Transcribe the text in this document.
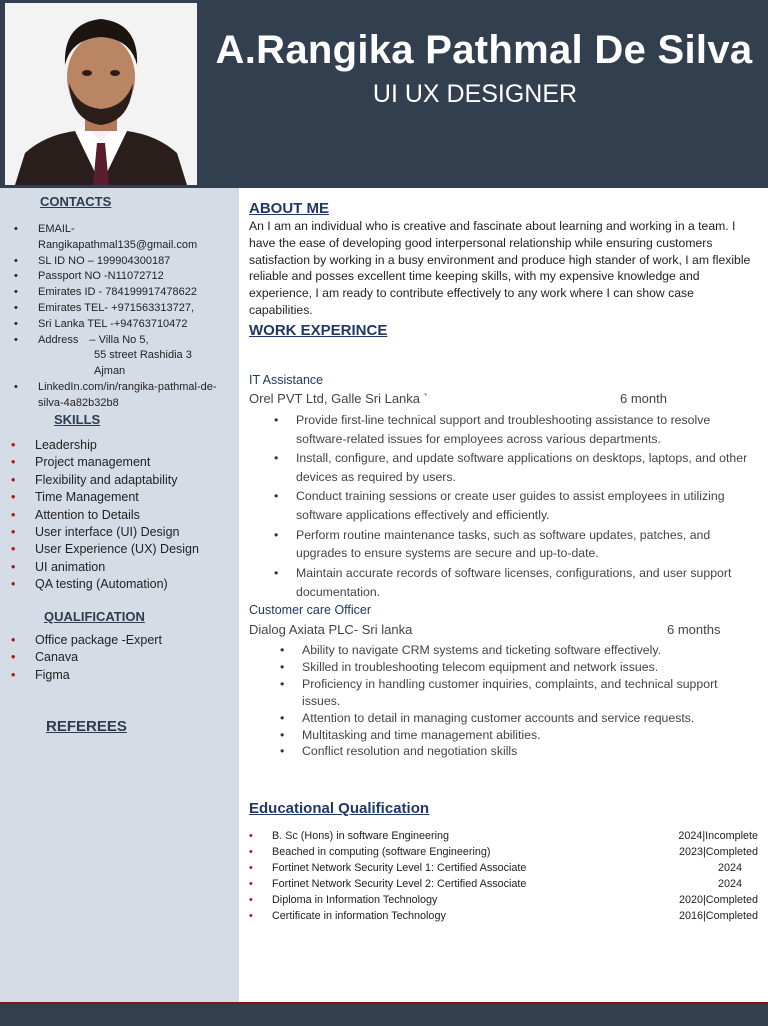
A.Rangika Pathmal De Silva
UI UX DESIGNER
CONTACTS
• EMAIL- Rangikapathmal135@gmail.com
• SL ID NO – 199904300187
• Passport NO -N11072712
• Emirates ID - 784199917478622
• Emirates TEL- +971563313727,
• Sri Lanka TEL -+94763710472
• Address – Villa No 5,
55 street Rashidia 3
Ajman
• LinkedIn.com/in/rangika-pathmal-de-silva-4a82b32b8
SKILLS
• Leadership
• Project management
• Flexibility and adaptability
• Time Management
• Attention to Details
• User interface (UI) Design
• User Experience (UX) Design
• UI animation
• QA testing (Automation)
QUALIFICATION
• Office package -Expert
• Canava
• Figma
REFEREES
ABOUT ME
An I am an individual who is creative and fascinate about learning and working in a team. I have the ease of developing good interpersonal relationship while ensuring customers satisfaction by working in a busy environment and produce high stander of work, I am flexible reliable and posses excellent time keeping skills, with my expensive knowledge and experience, I am ready to contribute effectively to any work where I can show case capabilities.
WORK EXPERINCE
IT Assistance
Orel PVT Ltd, Galle Sri Lanka `	6 month
• Provide first-line technical support and troubleshooting assistance to resolve software-related issues for employees across various departments.
• Install, configure, and update software applications on desktops, laptops, and other devices as required by users.
• Conduct training sessions or create user guides to assist employees in utilizing software applications effectively and efficiently.
• Perform routine maintenance tasks, such as software updates, patches, and upgrades to ensure systems are secure and up-to-date.
• Maintain accurate records of software licenses, configurations, and user support documentation.
Customer care Officer
Dialog Axiata PLC- Sri lanka	6 months
• Ability to navigate CRM systems and ticketing software effectively.
• Skilled in troubleshooting telecom equipment and network issues.
• Proficiency in handling customer inquiries, complaints, and technical support issues.
• Attention to detail in managing customer accounts and service requests.
• Multitasking and time management abilities.
• Conflict resolution and negotiation skills
Educational Qualification
• B. Sc (Hons) in software Engineering	2024|Incomplete
• Beached in computing (software Engineering)	2023|Completed
• Fortinet Network Security Level 1: Certified Associate	2024
• Fortinet Network Security Level 2: Certified Associate	2024
• Diploma in Information Technology	2020|Completed
• Certificate in information Technology	2016|Completed
